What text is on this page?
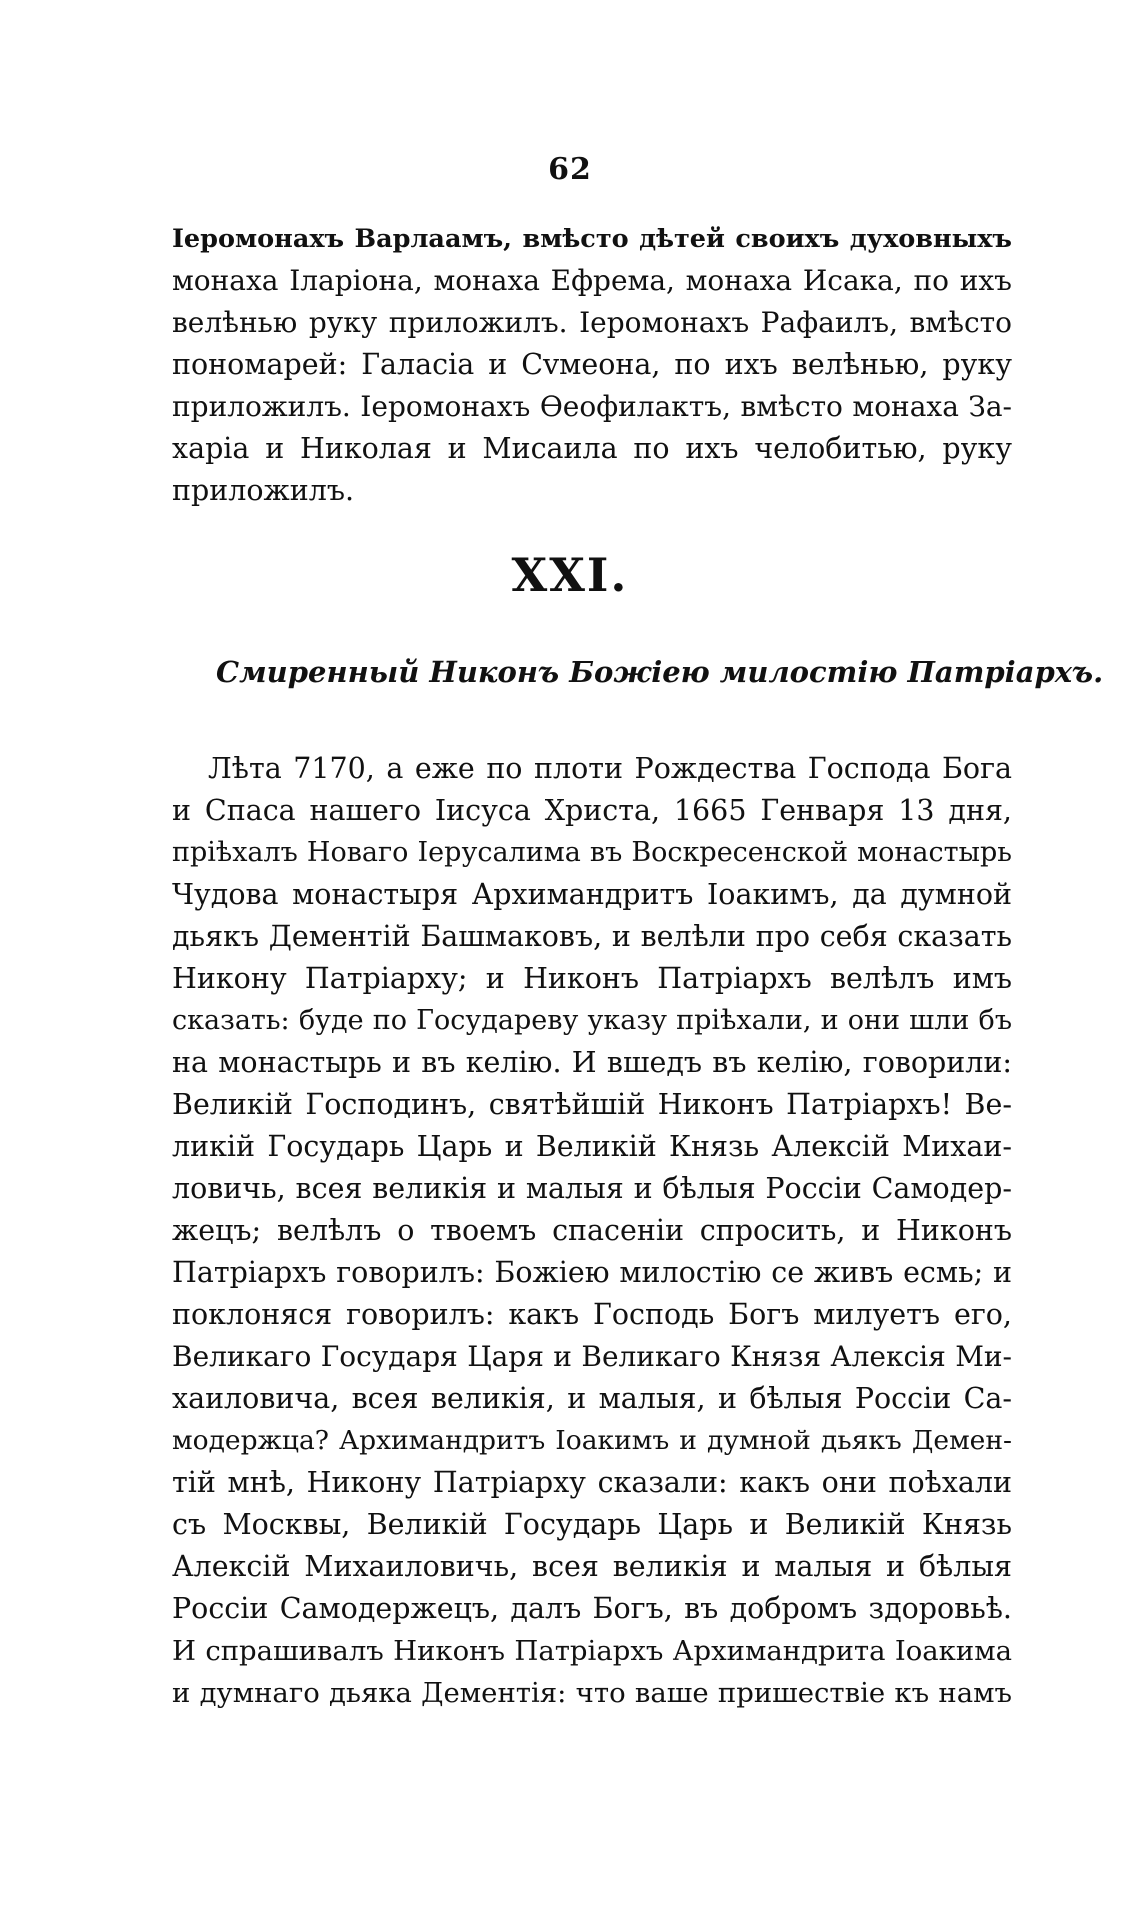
62
Іеромонахъ Варлаамъ, вмѣсто дѣтей своихъ духовныхъ
монаха Іларіона, монаха Ефрема, монаха Исака, по ихъ
велѣнью руку приложилъ. Іеромонахъ Рафаилъ, вмѣсто
пономарей: Галасіа и Сvмеона, по ихъ велѣнью, руку
приложилъ. Іеромонахъ Ѳеофилактъ, вмѣсто монаха За-
харіа и Николая и Мисаила по ихъ челобитью, руку
приложилъ.
XXI.
Смиренный Никонъ Божіею милостію Патріархъ.
Лѣта 7170, а еже по плоти Рождества Господа Бога
и Спаса нашего Іисуса Христа, 1665 Генваря 13 дня,
пріѣхалъ Новаго Іерусалима въ Воскресенской монастырь
Чудова монастыря Архимандритъ Іоакимъ, да думной
дьякъ Дементій Башмаковъ, и велѣли про себя сказать
Никону Патріарху; и Никонъ Патріархъ велѣлъ имъ
сказать: буде по Государеву указу пріѣхали, и они шли бъ
на монастырь и въ келію. И вшедъ въ келію, говорили:
Великій Господинъ, святѣйшій Никонъ Патріархъ! Ве-
ликій Государь Царь и Великій Князь Алексій Михаи-
ловичь, всея великія и малыя и бѣлыя Россіи Самодер-
жецъ; велѣлъ о твоемъ спасеніи спросить, и Никонъ
Патріархъ говорилъ: Божіею милостію се живъ есмь; и
поклоняся говорилъ: какъ Господь Богъ милуетъ его,
Великаго Государя Царя и Великаго Князя Алексія Ми-
хаиловича, всея великія, и малыя, и бѣлыя Россіи Са-
модержца? Архимандритъ Іоакимъ и думной дьякъ Демен-
тій мнѣ, Никону Патріарху сказали: какъ они поѣхали
съ Москвы, Великій Государь Царь и Великій Князь
Алексій Михаиловичь, всея великія и малыя и бѣлыя
Россіи Самодержецъ, далъ Богъ, въ добромъ здоровьѣ.
И спрашивалъ Никонъ Патріархъ Архимандрита Іоакима
и думнаго дьяка Дементія: что ваше пришествіе къ намъ
